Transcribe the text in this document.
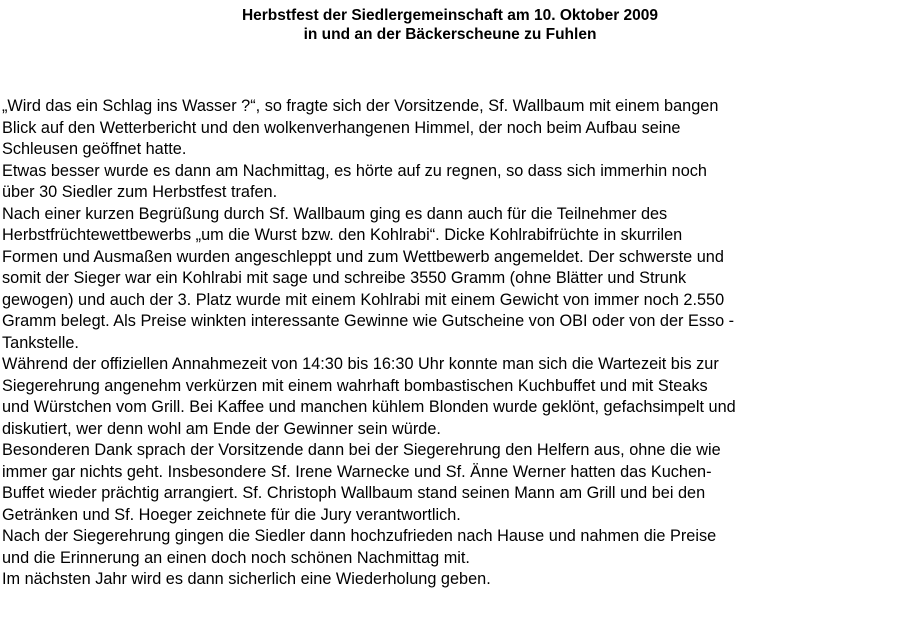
Herbstfest der Siedlergemeinschaft am 10. Oktober 2009
in und an der Bäckerscheune zu Fuhlen
„Wird das ein Schlag ins Wasser ?“, so fragte sich der Vorsitzende, Sf. Wallbaum mit einem bangen
Blick auf den Wetterbericht und den wolkenverhangenen Himmel, der noch beim Aufbau seine
Schleusen geöffnet hatte.
Etwas besser wurde es dann am Nachmittag, es hörte auf zu regnen, so dass sich immerhin noch
über 30 Siedler zum Herbstfest trafen.
Nach einer kurzen Begrüßung durch Sf. Wallbaum ging es dann auch für die Teilnehmer des
Herbstfrüchtewettbewerbs „um die Wurst bzw. den Kohlrabi“. Dicke Kohlrabifrüchte in skurrilen
Formen und Ausmaßen wurden angeschleppt und zum Wettbewerb angemeldet. Der schwerste und
somit der Sieger war ein Kohlrabi mit sage und schreibe 3550 Gramm (ohne Blätter und Strunk
gewogen) und auch der 3. Platz wurde mit einem Kohlrabi mit einem Gewicht von immer noch 2.550
Gramm belegt. Als Preise winkten interessante Gewinne wie Gutscheine von OBI oder von der Esso -
Tankstelle.
Während der offiziellen Annahmezeit von 14:30 bis 16:30 Uhr konnte man sich die Wartezeit bis zur
Siegerehrung angenehm verkürzen mit einem wahrhaft bombastischen Kuchbuffet und mit Steaks
und Würstchen vom Grill. Bei Kaffee und manchen kühlem Blonden wurde geklönt, gefachsimpelt und
diskutiert, wer denn wohl am Ende der Gewinner sein würde.
Besonderen Dank sprach der Vorsitzende dann bei der Siegerehrung den Helfern aus, ohne die wie
immer gar nichts geht. Insbesondere Sf. Irene Warnecke und Sf. Änne Werner hatten das Kuchen-
Buffet wieder prächtig arrangiert. Sf. Christoph Wallbaum stand seinen Mann am Grill und bei den
Getränken und Sf. Hoeger zeichnete für die Jury verantwortlich.
Nach der Siegerehrung gingen die Siedler dann hochzufrieden nach Hause und nahmen die Preise
und die Erinnerung an einen doch noch schönen Nachmittag mit.
Im nächsten Jahr wird es dann sicherlich eine Wiederholung geben.
